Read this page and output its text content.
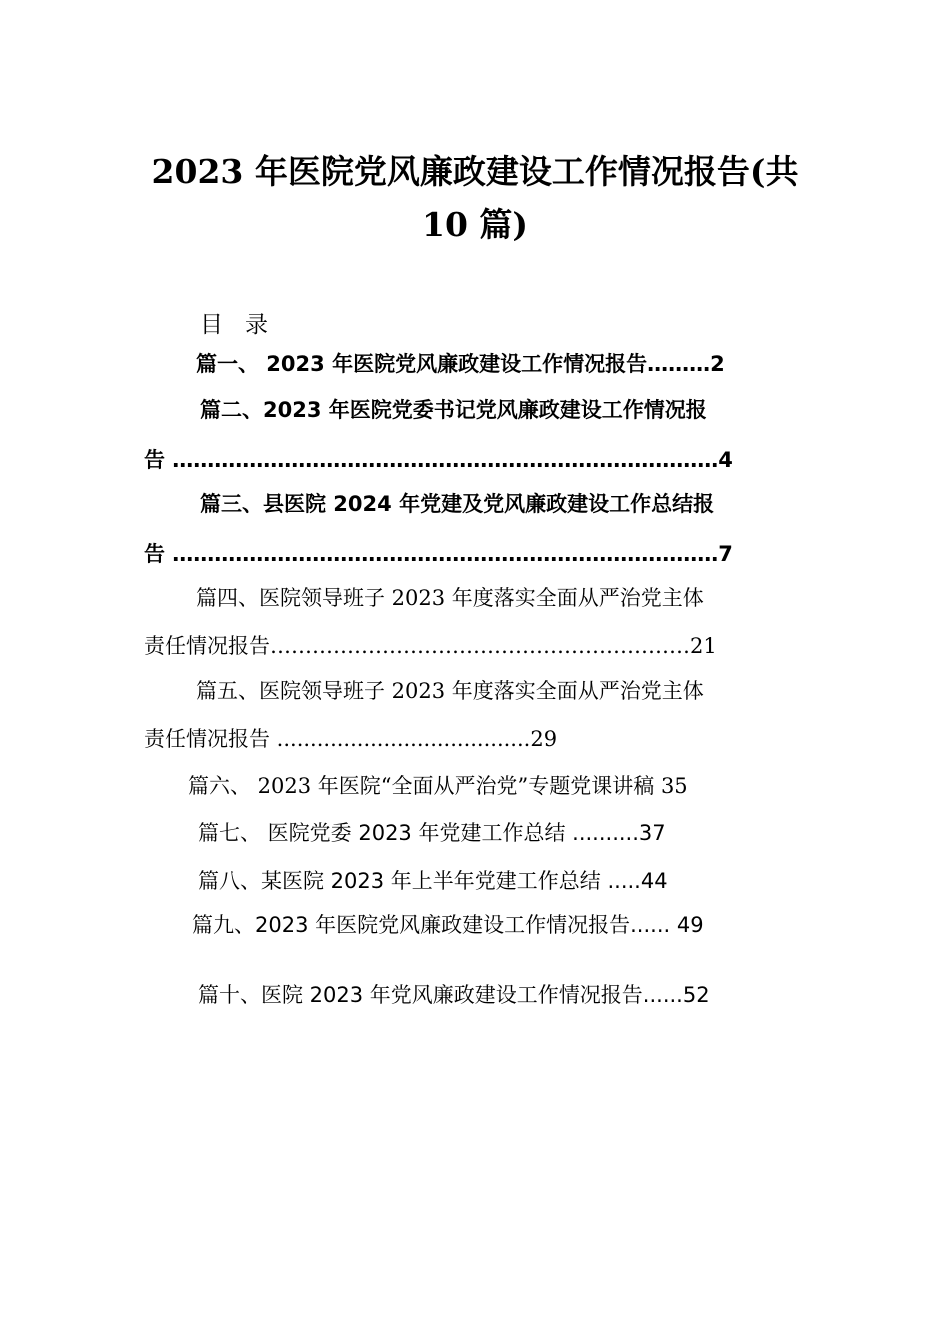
2023 年医院党风廉政建设工作情况报告(共
10 篇)
目录
篇一、 2023 年医院党风廉政建设工作情况报告………2
篇二、2023 年医院党委书记党风廉政建设工作情况报
告 ……………………………………………………………………4
篇三、县医院 2024 年党建及党风廉政建设工作总结报
告 ……………………………………………………………………7
篇四、医院领导班子 2023 年度落实全面从严治党主体
责任情况报告……………………………………………………21
篇五、医院领导班子 2023 年度落实全面从严治党主体
责任情况报告 ......................................29
篇六、 2023 年医院“全面从严治党”专题党课讲稿 35
篇七、 医院党委 2023 年党建工作总结 ..........37
篇八、某医院 2023 年上半年党建工作总结 .....44
篇九、2023 年医院党风廉政建设工作情况报告...... 49
篇十、医院 2023 年党风廉政建设工作情况报告......52
